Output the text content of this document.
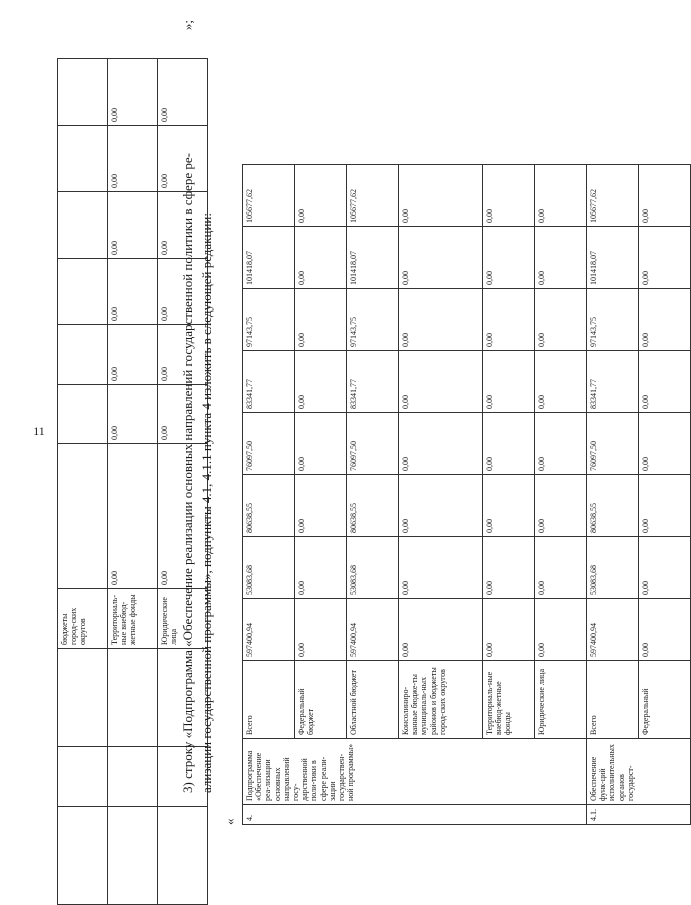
11
			бюджеты город-ских округов							
			Территориаль-ные внебюд-жетные фонды	0,00	0,00	0,00	0,00	0,00	0,00	0,00
			Юридические лица	0,00	0,00	0,00	0,00	0,00	0,00	0,00
»;
3) строку «Подпрограмма «Обеспечение реализации основных направлений государственной политики в сфере ре- ализации государственной программы», подпункты 4.1, 4.1.1 пункта 4 изложить в следующей редакции:
«
4.	Подпрограмма «Обеспечение реа-лизации основных направлений госу-дарственной поли-тики в сфере реали-зации государствен-ной программы»	Всего	597400,94	53083,68	80638,55	76097,50	83341,77	97143,75	101418,07	105677,62
		Федеральный бюджет	0,00	0,00	0,00	0,00	0,00	0,00	0,00	0,00
		Областной бюджет	597400,94	53083,68	80638,55	76097,50	83341,77	97143,75	101418,07	105677,62
		Консолиниро-ванные бюдже-ты муниципаль-ных районов и бюджеты город-ских округов	0,00	0,00	0,00	0,00	0,00	0,00	0,00	0,00
		Территориаль-ные внебюд-жетные фонды	0,00	0,00	0,00	0,00	0,00	0,00	0,00	0,00
		Юридические лица	0,00	0,00	0,00	0,00	0,00	0,00	0,00	0,00
4.1.	Обеспечение функ-ций исполнительных органов государст-	Всего	597400,94	53083,68	80638,55	76097,50	83341,77	97143,75	101418,07	105677,62
		Федеральный	0,00	0,00	0,00	0,00	0,00	0,00	0,00	0,00
